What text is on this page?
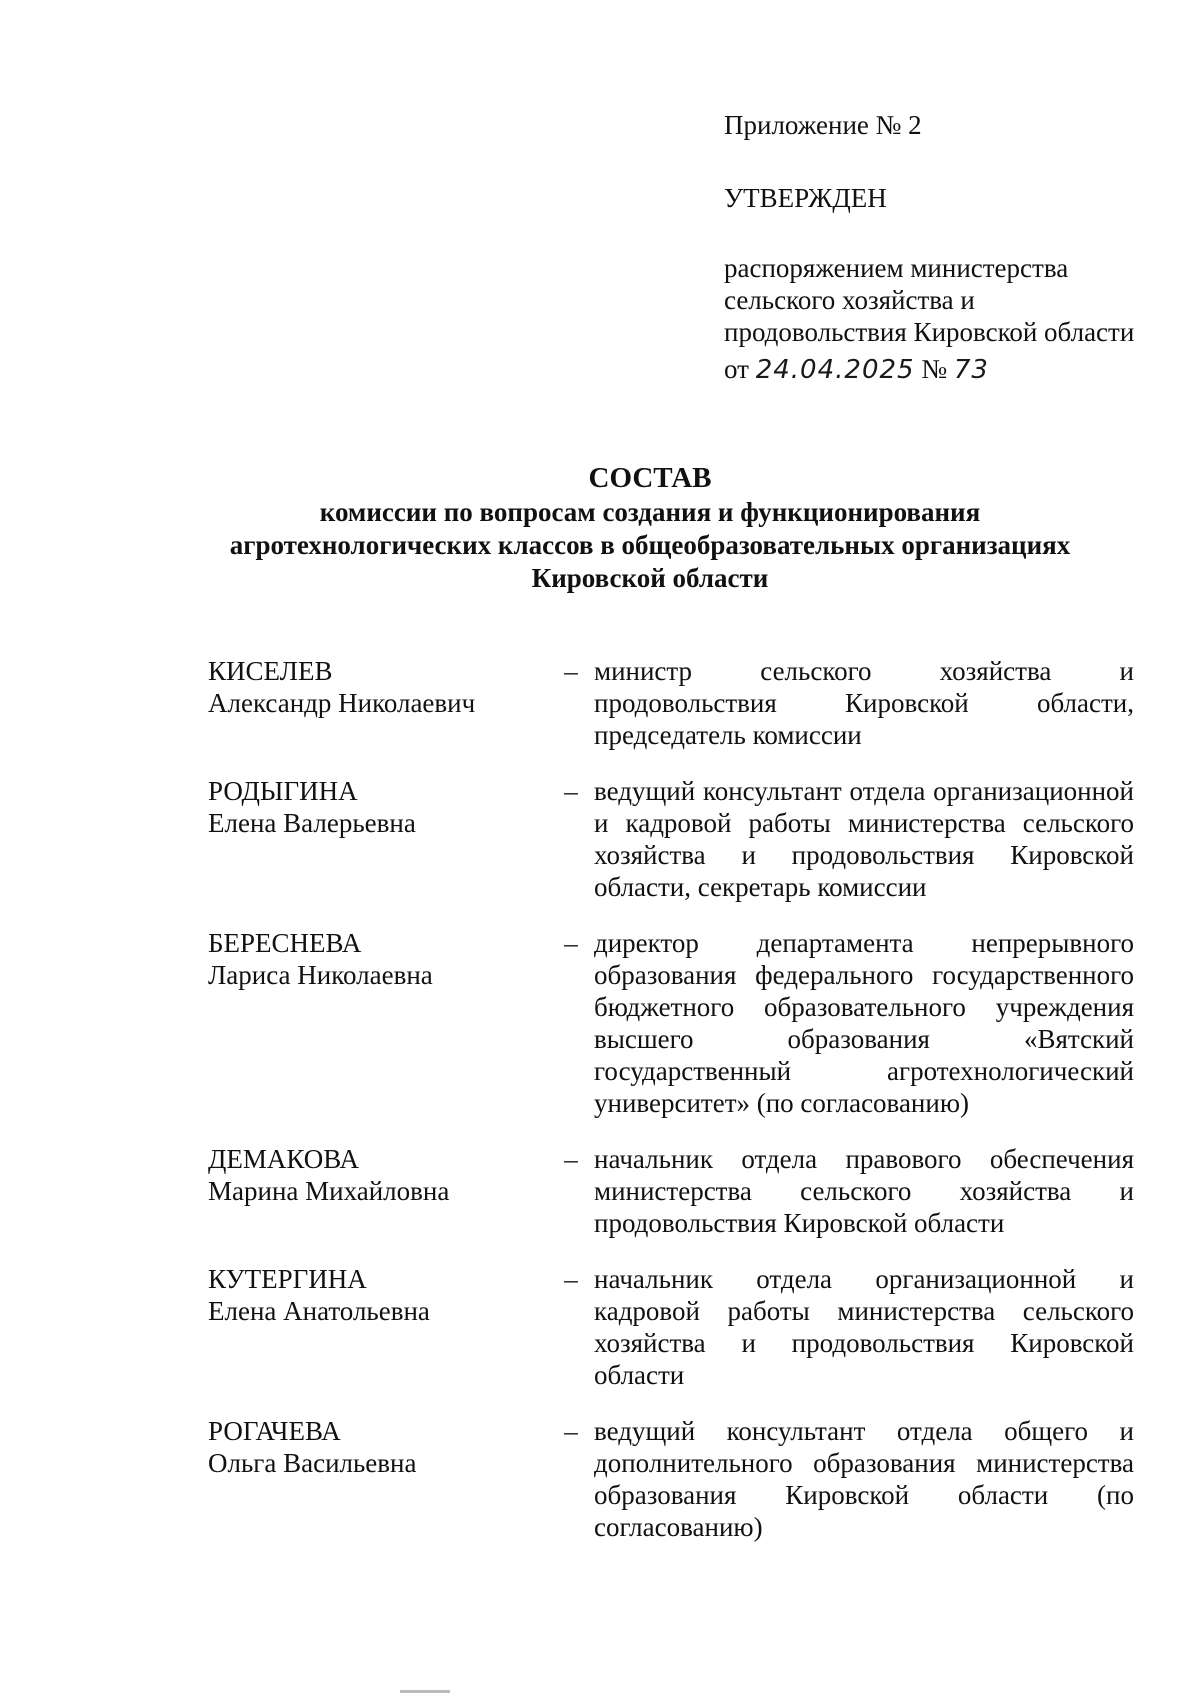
Приложение № 2
УТВЕРЖДЕН
распоряжением министерства
сельского хозяйства и
продовольствия Кировской области
от 24.04.2025 № 73
СОСТАВ
комиссии по вопросам создания и функционирования
агротехнологических классов в общеобразовательных организациях
Кировской области
КИСЕЛЕВ
Александр Николаевич
– министр сельского хозяйства и продовольствия Кировской области, председатель комиссии
РОДЫГИНА
Елена Валерьевна
– ведущий консультант отдела организационной и кадровой работы министерства сельского хозяйства и продовольствия Кировской области, секретарь комиссии
БЕРЕСНЕВА
Лариса Николаевна
– директор департамента непрерывного образования федерального государственного бюджетного образовательного учреждения высшего образования «Вятский государственный агротехнологический университет» (по согласованию)
ДЕМАКОВА
Марина Михайловна
– начальник отдела правового обеспечения министерства сельского хозяйства и продовольствия Кировской области
КУТЕРГИНА
Елена Анатольевна
– начальник отдела организационной и кадровой работы министерства сельского хозяйства и продовольствия Кировской области
РОГАЧЕВА
Ольга Васильевна
– ведущий консультант отдела общего и дополнительного образования министерства образования Кировской области (по согласованию)
